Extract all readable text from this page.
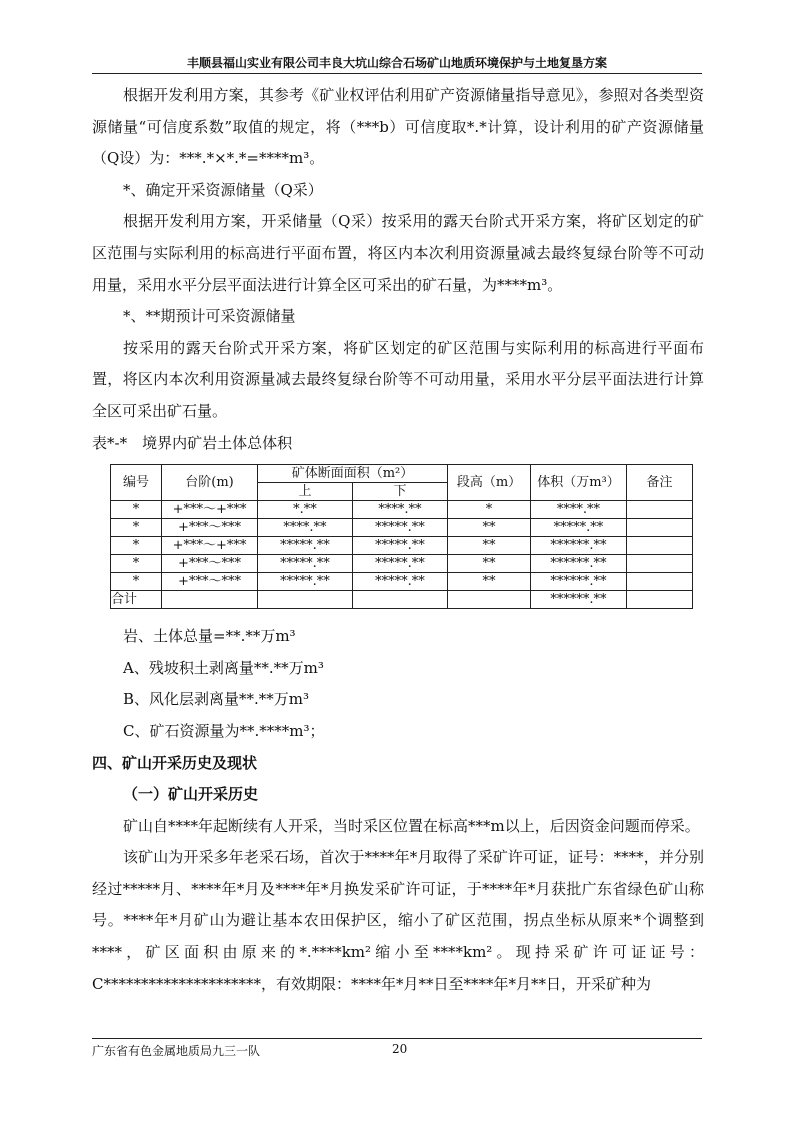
丰顺县福山实业有限公司丰良大坑山综合石场矿山地质环境保护与土地复垦方案

根据开发利用方案，其参考《矿业权评估利用矿产资源储量指导意见》，参照对各类型资源储量“可信度系数”取值的规定，将（***b）可信度取*.*计算，设计利用的矿产资源储量（Q设）为：***.*×*.*=****m³。

*、确定开采资源储量（Q采）

根据开发利用方案，开采储量（Q采）按采用的露天台阶式开采方案，将矿区划定的矿区范围与实际利用的标高进行平面布置，将区内本次利用资源量减去最终复绿台阶等不可动用量，采用水平分层平面法进行计算全区可采出的矿石量，为****m³。

*、**期预计可采资源储量

按采用的露天台阶式开采方案，将矿区划定的矿区范围与实际利用的标高进行平面布置，将区内本次利用资源量减去最终复绿台阶等不可动用量，采用水平分层平面法进行计算全区可采出矿石量。

表*-*　境界内矿岩土体总体积

编号	台阶(m)	矿体断面面积（m²）		段高（m）	体积（万m³）	备注
		上	下			
*	+***～+***	*.**	****.**	*	****.**	
*	+***～***	****.**	*****.**	**	*****.**	
*	+***～+***	*****.**	*****.**	**	******.**	
*	+***～***	*****.**	*****.**	**	******.**	
*	+***～***	*****.**	*****.**	**	******.**	
合计					******.**	

岩、土体总量=**.**万m³

A、残坡积土剥离量**.**万m³

B、风化层剥离量**.**万m³

C、矿石资源量为**.****m³；

四、矿山开采历史及现状

（一）矿山开采历史

矿山自****年起断续有人开采，当时采区位置在标高***m以上，后因资金问题而停采。

该矿山为开采多年老采石场，首次于****年*月取得了采矿许可证，证号：****，并分别经过*****月、****年*月及****年*月换发采矿许可证，于****年*月获批广东省绿色矿山称号。****年*月矿山为避让基本农田保护区，缩小了矿区范围，拐点坐标从原来*个调整到****，矿区面积由原来的*.****km²缩小至****km²。现持采矿许可证证号：C*********************，有效期限：****年*月**日至****年*月**日，开采矿种为

广东省有色金属地质局九三一队	20
